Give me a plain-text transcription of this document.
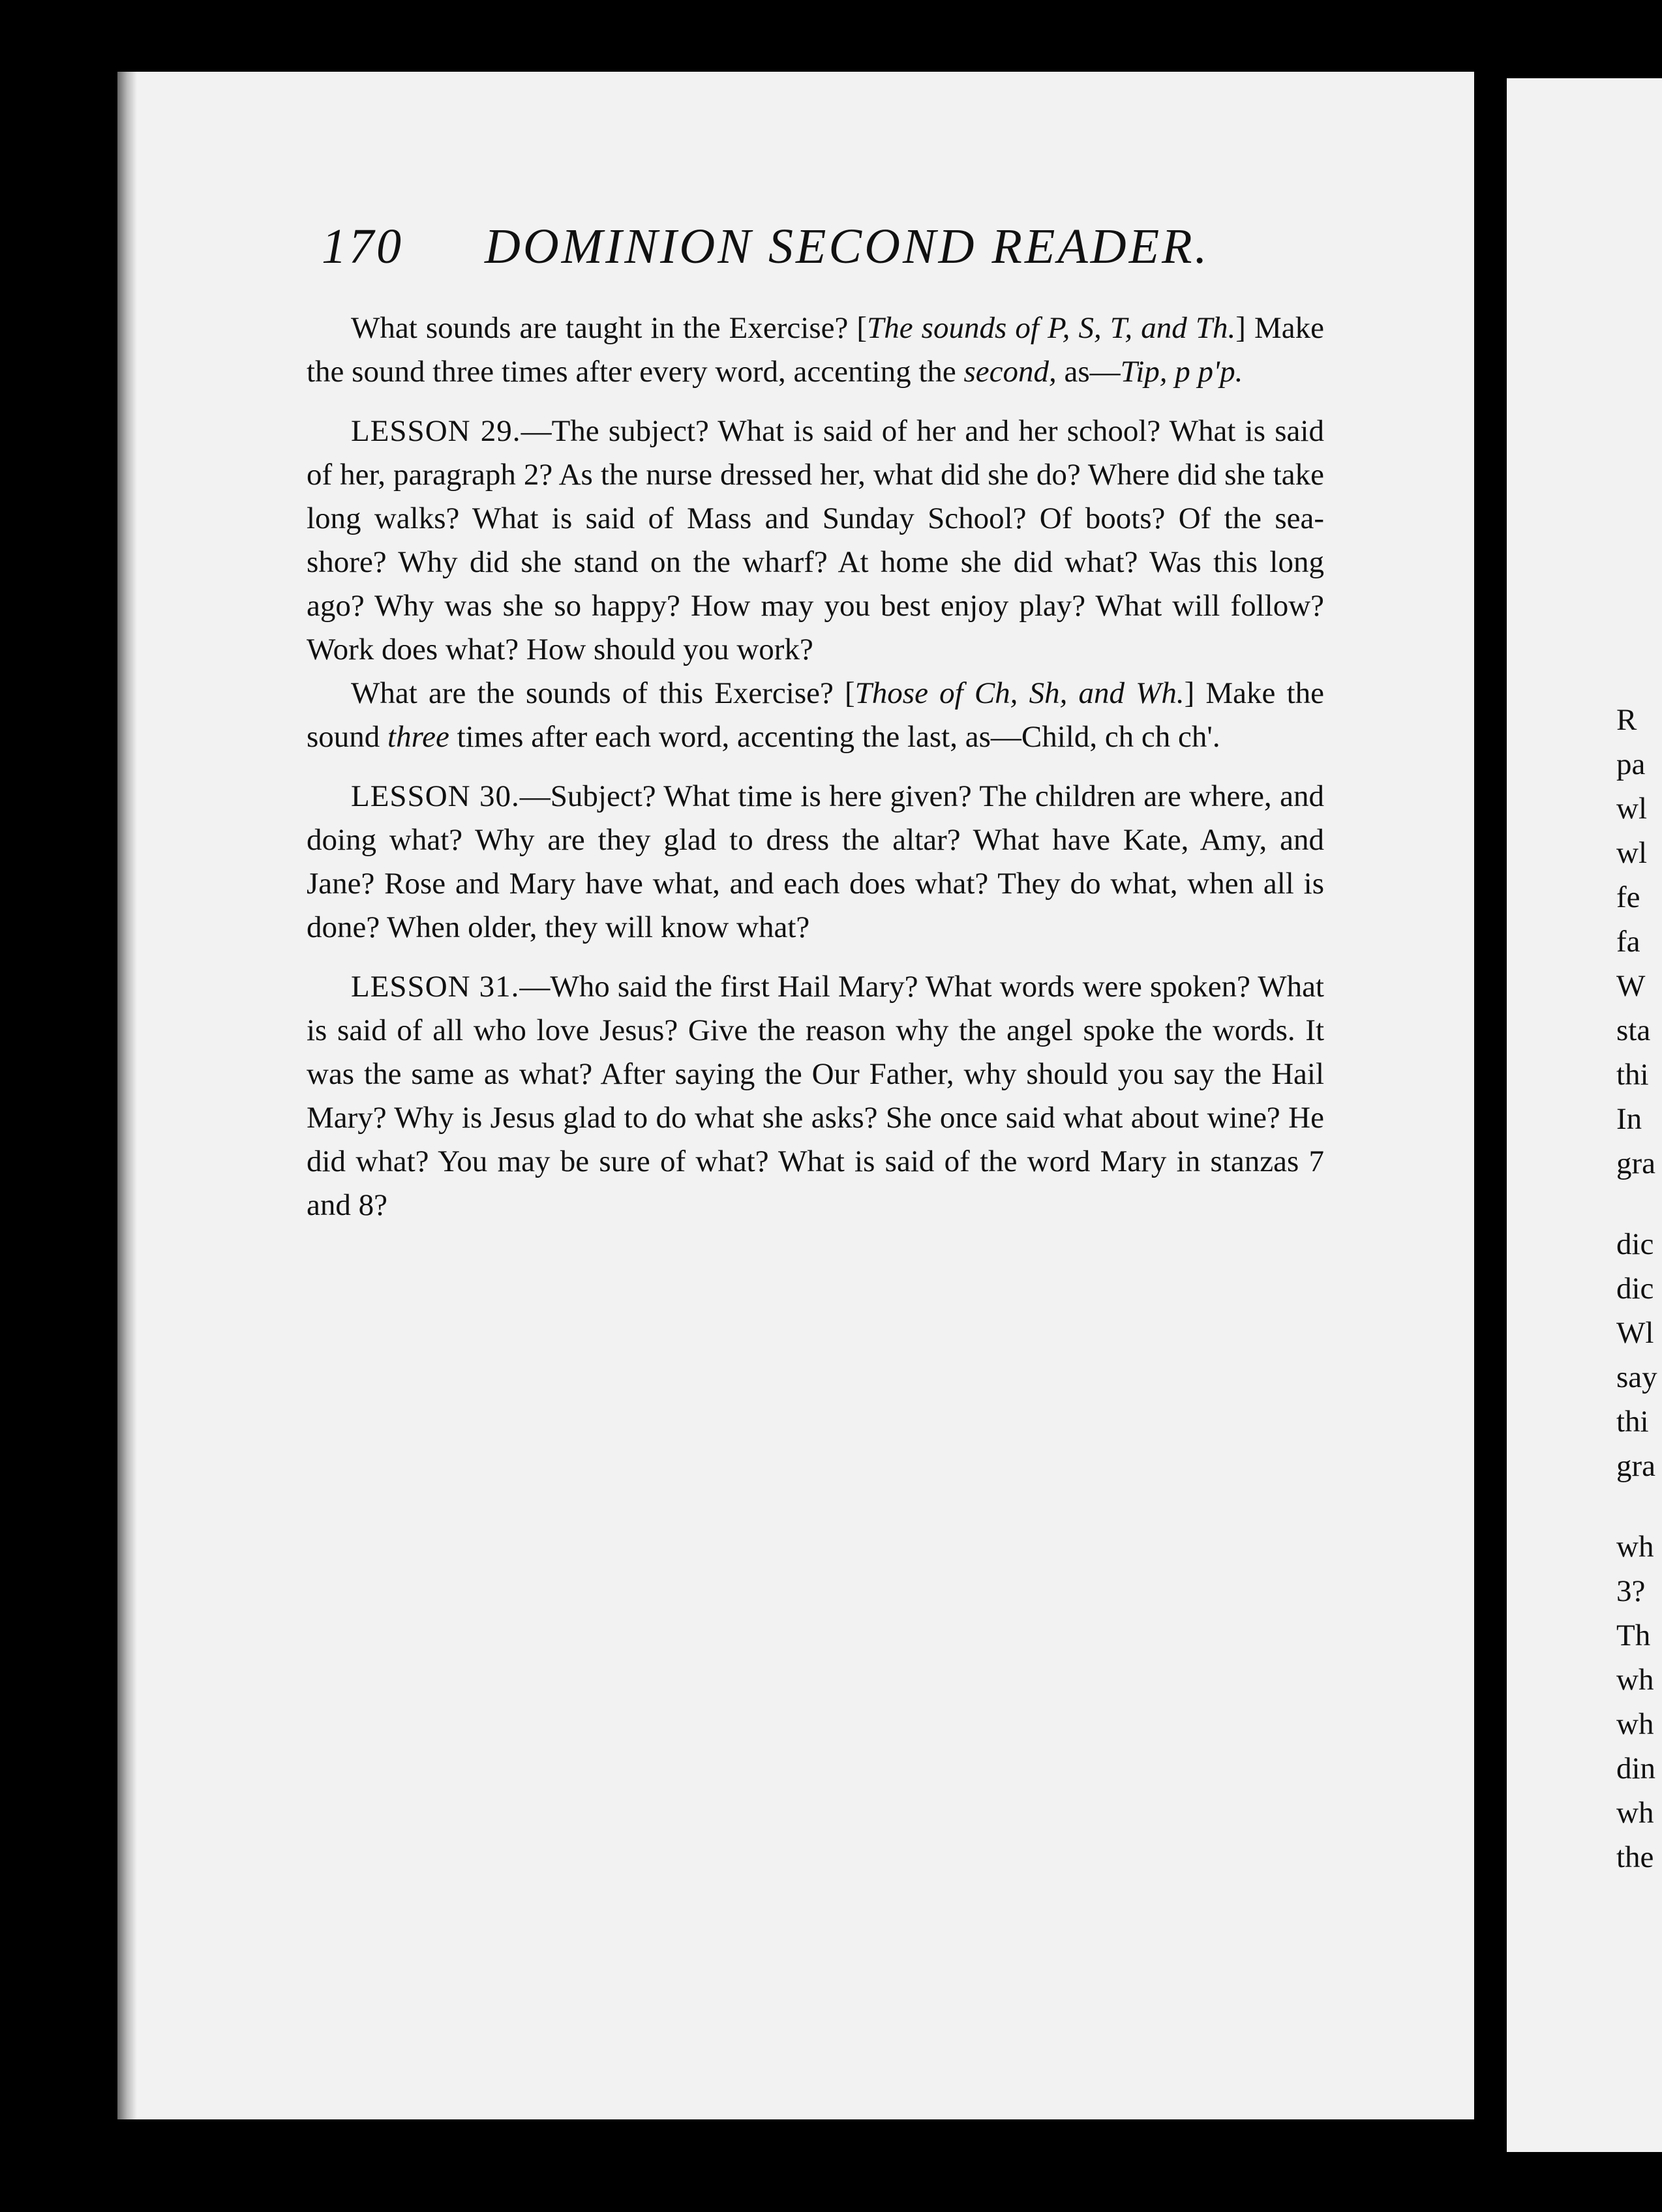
170 DOMINION SECOND READER.

What sounds are taught in the Exercise? [The sounds of P, S, T, and Th.] Make the sound three times after every word, accenting the second, as—Tip, p p'p.

LESSON 29.—The subject? What is said of her and her school? What is said of her, paragraph 2? As the nurse dressed her, what did she do? Where did she take long walks? What is said of Mass and Sunday School? Of boots? Of the sea-shore? Why did she stand on the wharf? At home she did what? Was this long ago? Why was she so happy? How may you best enjoy play? What will follow? Work does what? How should you work?

What are the sounds of this Exercise? [Those of Ch, Sh, and Wh.] Make the sound three times after each word, accenting the last, as—Child, ch ch ch'.

LESSON 30.—Subject? What time is here given? The children are where, and doing what? Why are they glad to dress the altar? What have Kate, Amy, and Jane? Rose and Mary have what, and each does what? They do what, when all is done? When older, they will know what?

LESSON 31.—Who said the first Hail Mary? What words were spoken? What is said of all who love Jesus? Give the reason why the angel spoke the words. It was the same as what? After saying the Our Father, why should you say the Hail Mary? Why is Jesus glad to do what she asks? She once said what about wine? He did what? You may be sure of what? What is said of the word Mary in stanzas 7 and 8?

R
pa
wl
wl
fe
fa
W
sta
thi
In
gra
dic
dic
Wl
say
thi
gra
wh
3?
Th
wh
wh
din
wh
the
